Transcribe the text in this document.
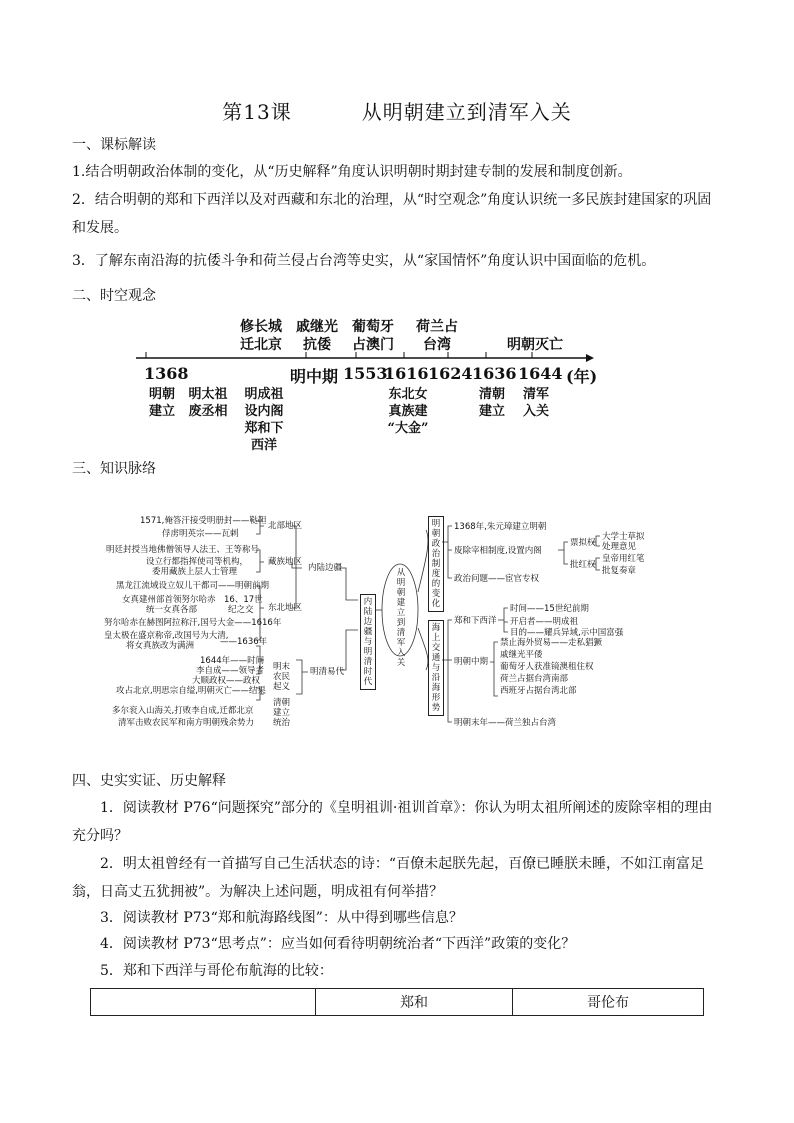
第13课	从明朝建立到清军入关
一、课标解读
1.结合明朝政治体制的变化，从“历史解释”角度认识明朝时期封建专制的发展和制度创新。
2．结合明朝的郑和下西洋以及对西藏和东北的治理，从“时空观念”角度认识统一多民族封建国家的巩固和发展。
3．了解东南沿海的抗倭斗争和荷兰侵占台湾等史实，从“家国情怀”角度认识中国面临的危机。
二、时空观念
修长城
迁北京
戚继光
抗倭
葡萄牙
占澳门
荷兰占
台湾	明朝灭亡
1368	明中期 1553
1616 1624 1636 1644 (年)
明朝
建立
明太祖
废丞相
明成祖
设内阁
郑和下
西洋
东北女
真族建
“大金”
清朝
建立
清军
入关
三、知识脉络
从明朝建立到清军入关
内陆边疆与明清时代
明朝政治制度的变化
海上交通与沿海形势
内陆边疆
明清易代
北部地区
藏族地区
东北地区
1571,俺答汗接受明册封——鞑靼
俘虏明英宗——瓦剌
明廷封授当地佛僧领导人法王、王等称号
设立行都指挥使司等机构，
委用藏族上层人士管理
黑龙江流域设立奴儿干都司——明朝前期
女真建州部首领努尔哈赤
统一女真各部
16、17世
纪之交
努尔哈赤在赫图阿拉称汗,国号大金——1616年
皇太极在盛京称帝,改国号为大清,
将女真族改为满洲	——1636年
明末农民起义
1644年——时间
李自成——领导者
大顺政权——政权
攻占北京,明思宗自缢,明朝灭亡——结果
清朝建立统治
多尔衮入山海关,打败李自成,迁都北京
清军击败农民军和南方明朝残余势力
1368年,朱元璋建立明朝
废除宰相制度,设置内阁
票拟权
批红权
大学士草拟
处理意见
皇帝用红笔
批复奏章
政治问题——宦官专权
郑和下西洋
时间——15世纪前期
开启者——明成祖
目的——耀兵异域,示中国富强
明朝中期
禁止海外贸易——走私猖獗
戚继光平倭
葡萄牙人获准镜澳租住权
荷兰占据台湾南部
西班牙占据台湾北部
明朝末年——荷兰独占台湾
四、史实实证、历史解释
1．阅读教材 P76“问题探究”部分的《皇明祖训·祖训首章》：你认为明太祖所阐述的废除宰相的理由充分吗？
2．明太祖曾经有一首描写自己生活状态的诗：“百僚未起朕先起，百僚已睡朕未睡，不如江南富足翁，日高丈五犹拥被”。为解决上述问题，明成祖有何举措？
3．阅读教材 P73“郑和航海路线图”：从中得到哪些信息？
4．阅读教材 P73“思考点”：应当如何看待明朝统治者“下西洋”政策的变化？
5．郑和下西洋与哥伦布航海的比较：
	郑和	哥伦布
